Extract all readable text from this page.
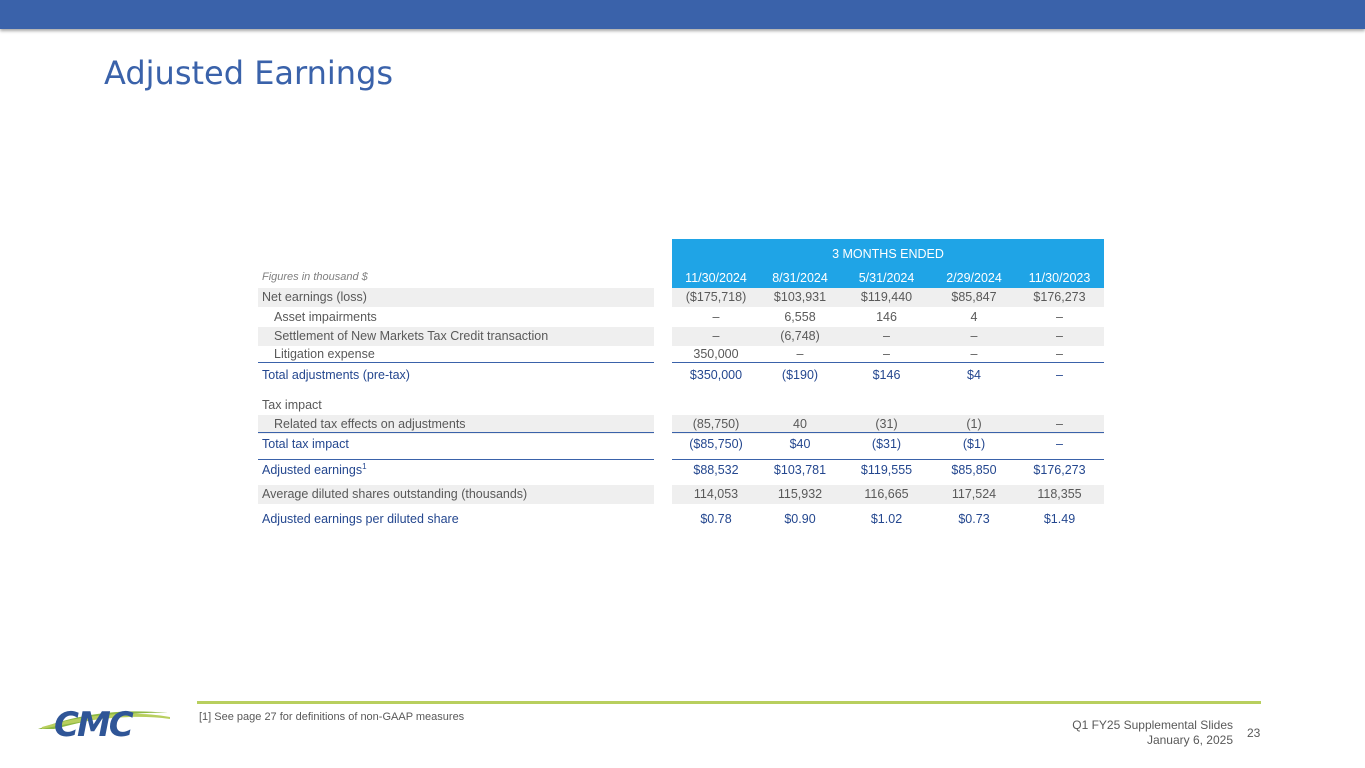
Adjusted Earnings
3 MONTHS ENDED
Figures in thousand $	11/30/2024	8/31/2024	5/31/2024	2/29/2024	11/30/2023
Net earnings (loss)	($175,718)	$103,931	$119,440	$85,847	$176,273
Asset impairments	–	6,558	146	4	–
Settlement of New Markets Tax Credit transaction	–	(6,748)	–	–	–
Litigation expense	350,000	–	–	–	–
Total adjustments (pre-tax)	$350,000	($190)	$146	$4	–
Tax impact
Related tax effects on adjustments	(85,750)	40	(31)	(1)	–
Total tax impact	($85,750)	$40	($31)	($1)	–
Adjusted earnings$^1$	$88,532	$103,781	$119,555	$85,850	$176,273
Average diluted shares outstanding (thousands)	114,053	115,932	116,665	117,524	118,355
Adjusted earnings per diluted share	$0.78	$0.90	$1.02	$0.73	$1.49
CMC	[1] See page 27 for definitions of non-GAAP measures
Q1 FY25 Supplemental Slides
January 6, 2025 23
